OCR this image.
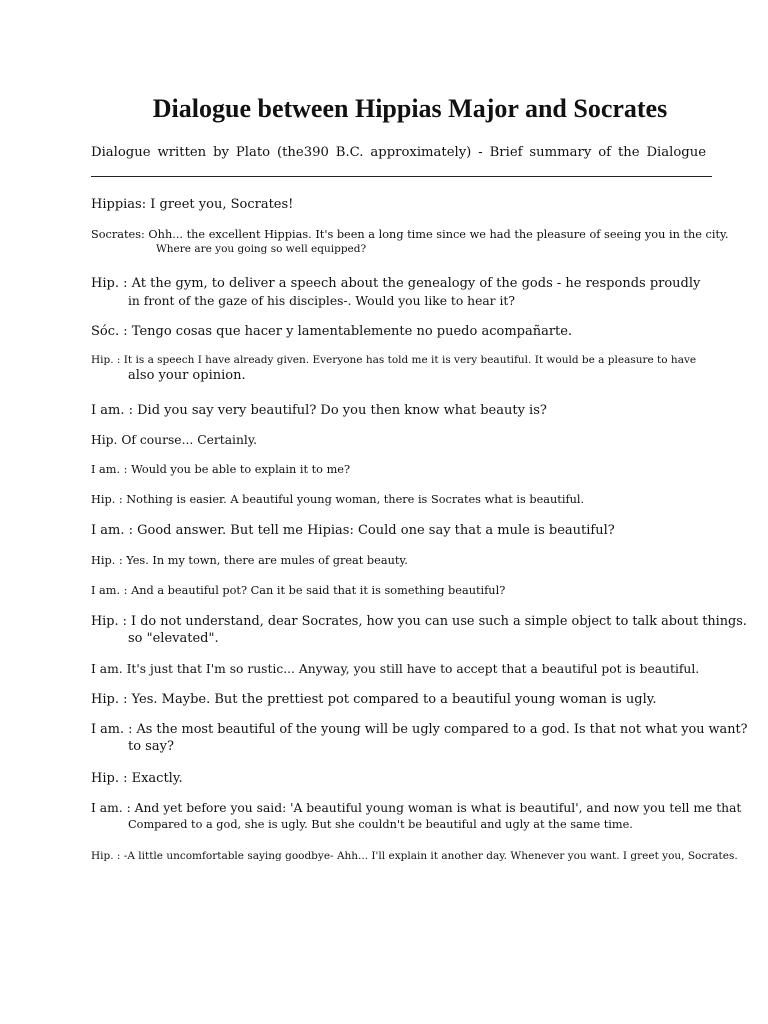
Dialogue between Hippias Major and Socrates
Dialogue written by Plato (the390 B.C. approximately) - Brief summary of the Dialogue

Hippias: I greet you, Socrates!

Socrates: Ohh... the excellent Hippias. It's been a long time since we had the pleasure of seeing you in the city.
Where are you going so well equipped?

Hip. : At the gym, to deliver a speech about the genealogy of the gods - he responds proudly
in front of the gaze of his disciples-. Would you like to hear it?

Sóc. : Tengo cosas que hacer y lamentablemente no puedo acompañarte.

Hip. : It is a speech I have already given. Everyone has told me it is very beautiful. It would be a pleasure to have
also your opinion.

I am. : Did you say very beautiful? Do you then know what beauty is?

Hip. Of course... Certainly.

I am. : Would you be able to explain it to me?

Hip. : Nothing is easier. A beautiful young woman, there is Socrates what is beautiful.

I am. : Good answer. But tell me Hipias: Could one say that a mule is beautiful?

Hip. : Yes. In my town, there are mules of great beauty.

I am. : And a beautiful pot? Can it be said that it is something beautiful?

Hip. : I do not understand, dear Socrates, how you can use such a simple object to talk about things.
so "elevated".

I am. It's just that I'm so rustic... Anyway, you still have to accept that a beautiful pot is beautiful.

Hip. : Yes. Maybe. But the prettiest pot compared to a beautiful young woman is ugly.

I am. : As the most beautiful of the young will be ugly compared to a god. Is that not what you want?
to say?

Hip. : Exactly.

I am. : And yet before you said: 'A beautiful young woman is what is beautiful', and now you tell me that
Compared to a god, she is ugly. But she couldn't be beautiful and ugly at the same time.

Hip. : -A little uncomfortable saying goodbye- Ahh... I'll explain it another day. Whenever you want. I greet you, Socrates.
